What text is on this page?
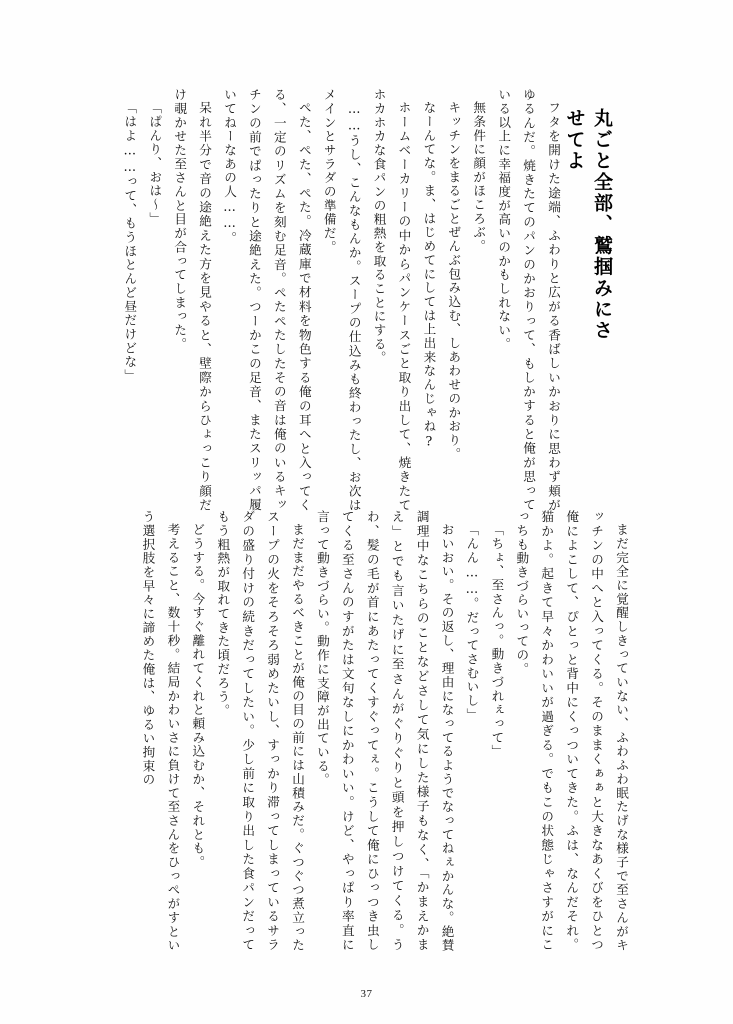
丸ごと全部、鷲掴みにさせてよ

フタを開けた途端、ふわりと広がる香ばしいかおりに思わず頬がゆるんだ。焼きたてのパンのかおりって、もしかすると俺が思っている以上に幸福度が高いのかもしれない。

無条件に顔がほころぶ。

キッチンをまるごとぜんぶ包み込む、しあわせのかおり。

なーんてな。ま、はじめてにしては上出来なんじゃね?

ホームベーカリーの中からパンケースごと取り出して、焼きたてホカホカな食パンの粗熱を取ることにする。

……うし、こんなもんか。スープの仕込みも終わったし、お次はメインとサラダの準備だ。

ぺた、ぺた、ぺた。冷蔵庫で材料を物色する俺の耳へと入ってくる、一定のリズムを刻む足音。ぺたぺたしたその音は俺のいるキッチンの前でぱったりと途絶えた。つーかこの足音、またスリッパ履いてねーなあの人……。

呆れ半分で音の途絶えた方を見やると、壁際からひょっこり顔だけ覗かせた至さんと目が合ってしまった。

「ぱんり、おは〜」

「はよ……って、もうほとんど昼だけどな」

まだ完全に覚醒しきっていない、ふわふわ眠たげな様子で至さんがキッチンの中へと入ってくる。そのままくぁぁと大きなあくびをひとつ俺によこして、ぴとっと背中にくっついてきた。ふは、なんだそれ。猫かよ。起きて早々かわいいが過ぎる。でもこの状態じゃさすがにこっちも動きづらいっての。

「ちょ、至さんっ。動きづれぇって」

「んん……。だってさむいし」

おいおい。その返し、理由になってるようでなってねぇかんな。絶賛調理中なこちらのことなどさして気にした様子もなく、「かまえかまえ」とでも言いたげに至さんがぐりぐりと頭を押しつけてくる。うわ、髪の毛が首にあたってくすぐってぇ。こうして俺にひっつき虫してくる至さんのすがたは文句なしにかわいい。けど、やっぱり率直に言って動きづらい。動作に支障が出ている。

まだまだやるべきことが俺の目の前には山積みだ。ぐつぐつ煮立ったスープの火をそろそろ弱めたいし、すっかり滞ってしまっているサラダの盛り付けの続きだってしたい。少し前に取り出した食パンだってもう粗熱が取れてきた頃だろう。

どうする。今すぐ離れてくれと頼み込むか、それとも。

考えること、数十秒。結局かわいさに負けて至さんをひっぺがすという選択肢を早々に諦めた俺は、ゆるい拘束の

37
